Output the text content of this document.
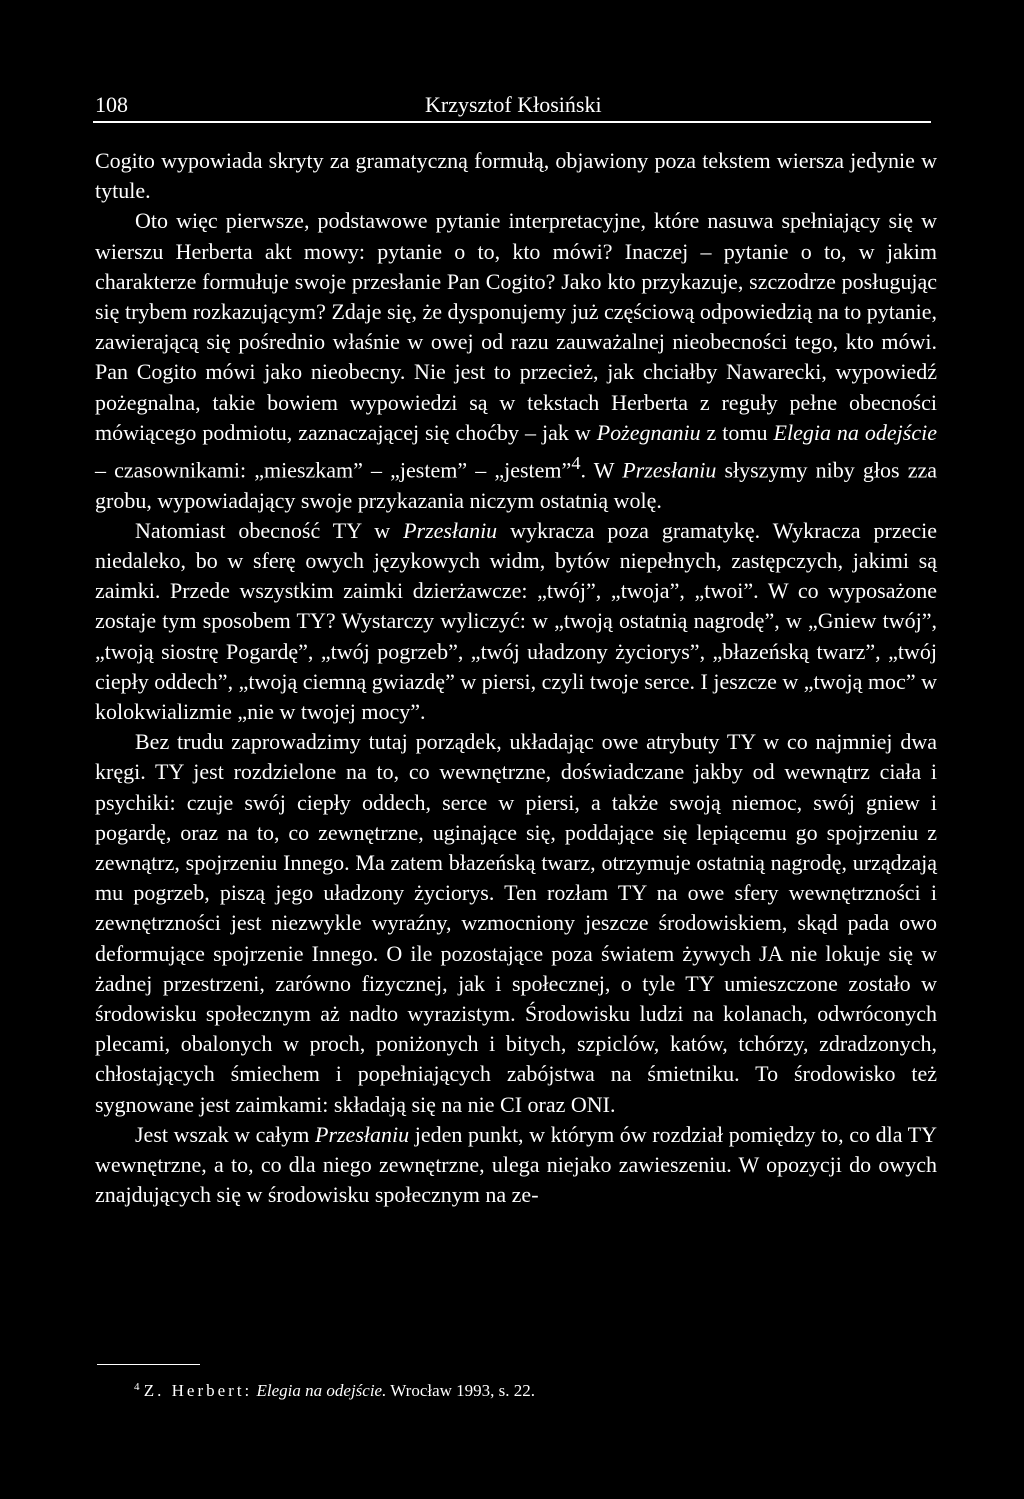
108	Krzysztof Kłosiński

Cogito wypowiada skryty za gramatyczną formułą, objawiony poza tekstem wiersza jedynie w tytule.

Oto więc pierwsze, podstawowe pytanie interpretacyjne, które nasuwa spełniający się w wierszu Herberta akt mowy: pytanie o to, kto mówi? Inaczej – pytanie o to, w jakim charakterze formułuje swoje przesłanie Pan Cogito? Jako kto przykazuje, szczodrze posługując się trybem rozkazującym? Zdaje się, że dysponujemy już częściową odpowiedzią na to pytanie, zawierającą się pośrednio właśnie w owej od razu zauważalnej nieobecności tego, kto mówi. Pan Cogito mówi jako nieobecny. Nie jest to przecież, jak chciałby Nawarecki, wypowiedź pożegnalna, takie bowiem wypowiedzi są w tekstach Herberta z reguły pełne obecności mówiącego podmiotu, zaznaczającej się choćby – jak w Pożegnaniu z tomu Elegia na odejście – czasownikami: „mieszkam” – „jestem” – „jestem”$^4$. W Przesłaniu słyszymy niby głos zza grobu, wypowiadający swoje przykazania niczym ostatnią wolę.

Natomiast obecność TY w Przesłaniu wykracza poza gramatykę. Wykracza przecie niedaleko, bo w sferę owych językowych widm, bytów niepełnych, zastępczych, jakimi są zaimki. Przede wszystkim zaimki dzierżawcze: „twój”, „twoja”, „twoi”. W co wyposażone zostaje tym sposobem TY? Wystarczy wyliczyć: w „twoją ostatnią nagrodę”, w „Gniew twój”, „twoją siostrę Pogardę”, „twój pogrzeb”, „twój uładzony życiorys”, „błazeńską twarz”, „twój ciepły oddech”, „twoją ciemną gwiazdę” w piersi, czyli twoje serce. I jeszcze w „twoją moc” w kolokwializmie „nie w twojej mocy”.

Bez trudu zaprowadzimy tutaj porządek, układając owe atrybuty TY w co najmniej dwa kręgi. TY jest rozdzielone na to, co wewnętrzne, doświadczane jakby od wewnątrz ciała i psychiki: czuje swój ciepły oddech, serce w piersi, a także swoją niemoc, swój gniew i pogardę, oraz na to, co zewnętrzne, uginające się, poddające się lepiącemu go spojrzeniu z zewnątrz, spojrzeniu Innego. Ma zatem błazeńską twarz, otrzymuje ostatnią nagrodę, urządzają mu pogrzeb, piszą jego uładzony życiorys. Ten rozłam TY na owe sfery wewnętrzności i zewnętrzności jest niezwykle wyraźny, wzmocniony jeszcze środowiskiem, skąd pada owo deformujące spojrzenie Innego. O ile pozostające poza światem żywych JA nie lokuje się w żadnej przestrzeni, zarówno fizycznej, jak i społecznej, o tyle TY umieszczone zostało w środowisku społecznym aż nadto wyrazistym. Środowisku ludzi na kolanach, odwróconych plecami, obalonych w proch, poniżonych i bitych, szpiclów, katów, tchórzy, zdradzonych, chłostających śmiechem i popełniających zabójstwa na śmietniku. To środowisko też sygnowane jest zaimkami: składają się na nie CI oraz ONI.

Jest wszak w całym Przesłaniu jeden punkt, w którym ów rozdział pomiędzy to, co dla TY wewnętrzne, a to, co dla niego zewnętrzne, ulega niejako zawieszeniu. W opozycji do owych znajdujących się w środowisku społecznym na ze-

$^4$ Z. Herbert: Elegia na odejście. Wrocław 1993, s. 22.
